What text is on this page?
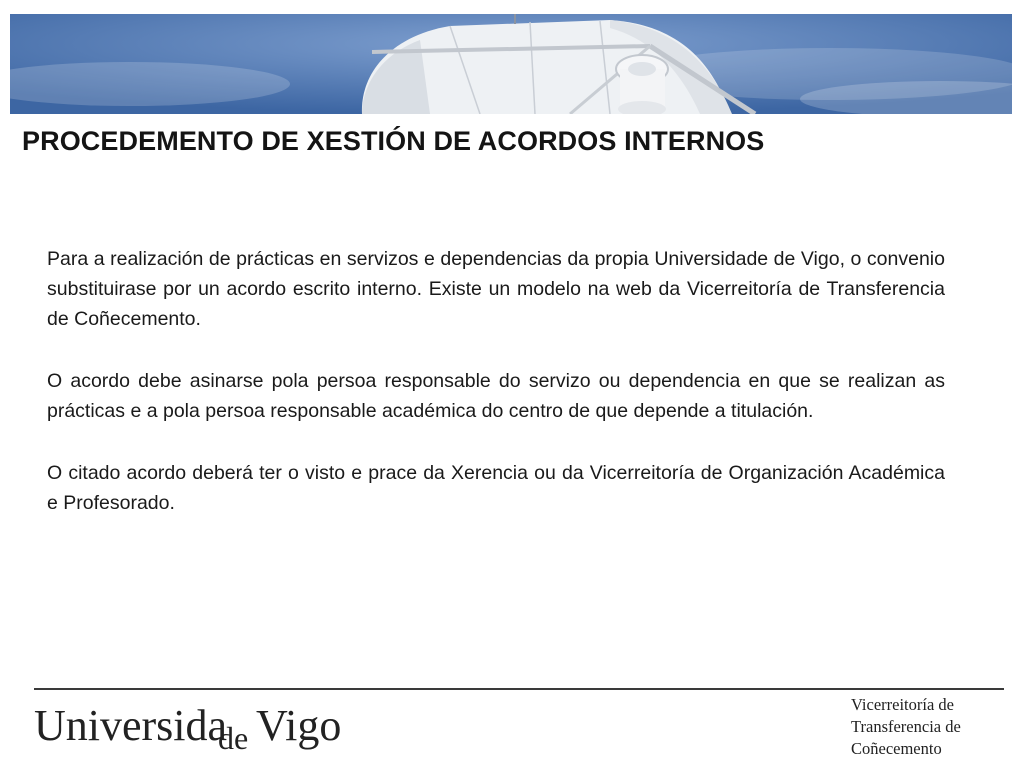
PROCEDEMENTO DE XESTIÓN DE ACORDOS INTERNOS

Para a realización de prácticas en servizos e dependencias da propia Universidade de Vigo, o convenio substituirase por un acordo escrito interno. Existe un modelo na web da Vicerreitoría de Transferencia de Coñecemento.

O acordo debe asinarse pola persoa responsable do servizo ou dependencia en que se realizan as prácticas e a pola persoa responsable académica do centro de que depende a titulación.

O citado acordo deberá ter o visto e prace da Xerencia ou da Vicerreitoría de Organización Académica e Profesorado.

Universida
de Vigo	Vicerreitoría de
Transferencia de
Coñecemento
